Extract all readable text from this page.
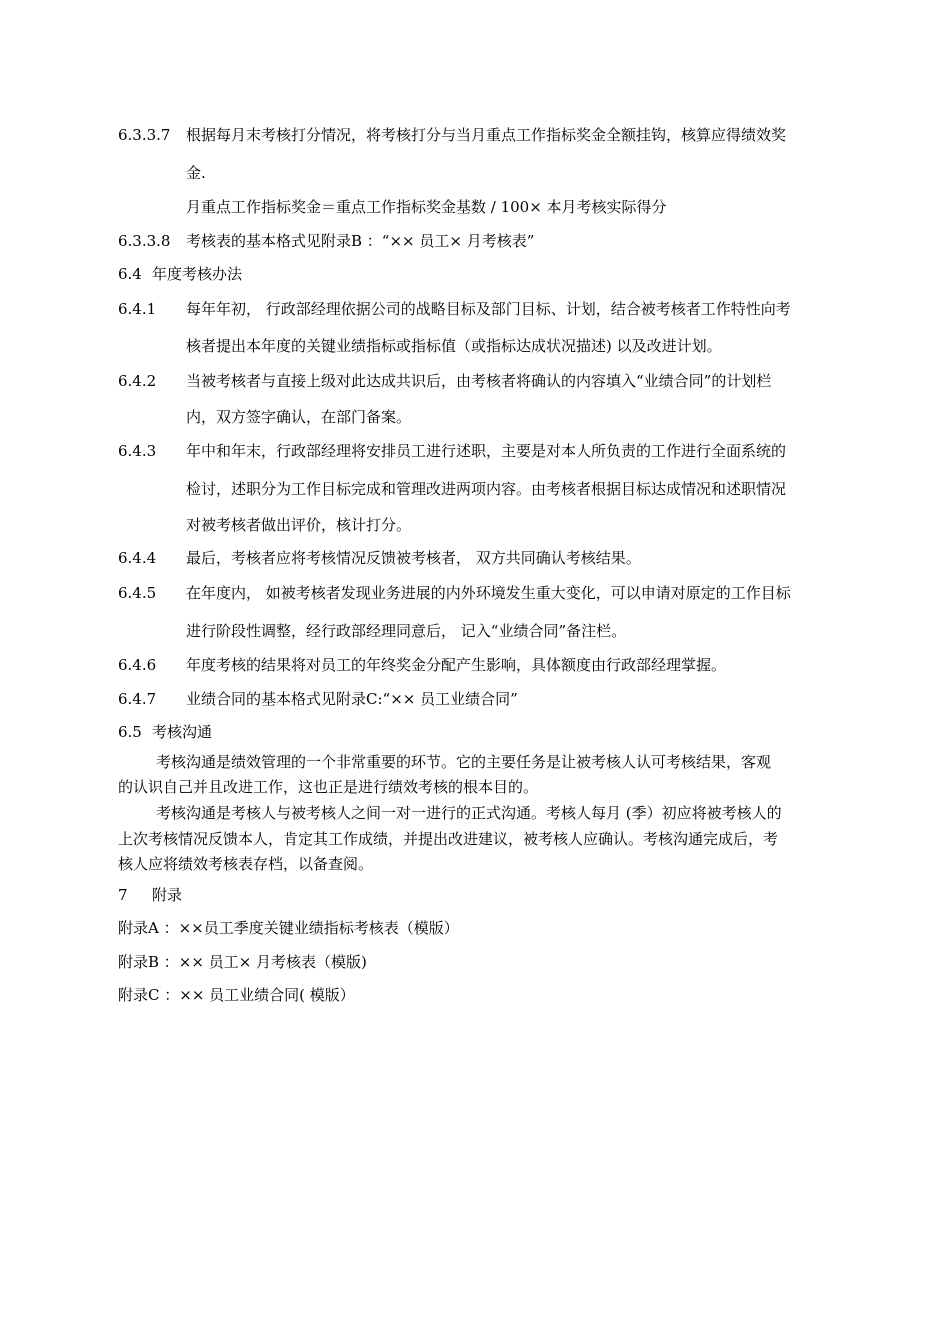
6.3.3.7 根据每月末考核打分情况，将考核打分与当月重点工作指标奖金全额挂钩，核算应得绩效奖
金.
月重点工作指标奖金＝重点工作指标奖金基数 / 100× 本月考核实际得分
6.3.3.8 考核表的基本格式见附录B ：“×× 员工× 月考核表”
6.4 年度考核办法
6.4.1 每年年初， 行政部经理依据公司的战略目标及部门目标、计划，结合被考核者工作特性向考
核者提出本年度的关键业绩指标或指标值（或指标达成状况描述) 以及改进计划。
6.4.2 当被考核者与直接上级对此达成共识后，由考核者将确认的内容填入“业绩合同”的计划栏
内，双方签字确认，在部门备案。
6.4.3 年中和年末，行政部经理将安排员工进行述职，主要是对本人所负责的工作进行全面系统的
检讨，述职分为工作目标完成和管理改进两项内容。由考核者根据目标达成情况和述职情况
对被考核者做出评价，核计打分。
6.4.4 最后，考核者应将考核情况反馈被考核者， 双方共同确认考核结果。
6.4.5 在年度内， 如被考核者发现业务进展的内外环境发生重大变化，可以申请对原定的工作目标
进行阶段性调整，经行政部经理同意后， 记入“业绩合同”备注栏。
6.4.6 年度考核的结果将对员工的年终奖金分配产生影响，具体额度由行政部经理掌握。
6.4.7 业绩合同的基本格式见附录C:“×× 员工业绩合同”
6.5 考核沟通
考核沟通是绩效管理的一个非常重要的环节。它的主要任务是让被考核人认可考核结果，客观
的认识自己并且改进工作，这也正是进行绩效考核的根本目的。
考核沟通是考核人与被考核人之间一对一进行的正式沟通。考核人每月 (季）初应将被考核人的
上次考核情况反馈本人，肯定其工作成绩，并提出改进建议，被考核人应确认。考核沟通完成后，考
核人应将绩效考核表存档，以备查阅。
7 附录
附录A ：××员工季度关键业绩指标考核表（模版）
附录B ：×× 员工× 月考核表（模版)
附录C ：×× 员工业绩合同( 模版）
